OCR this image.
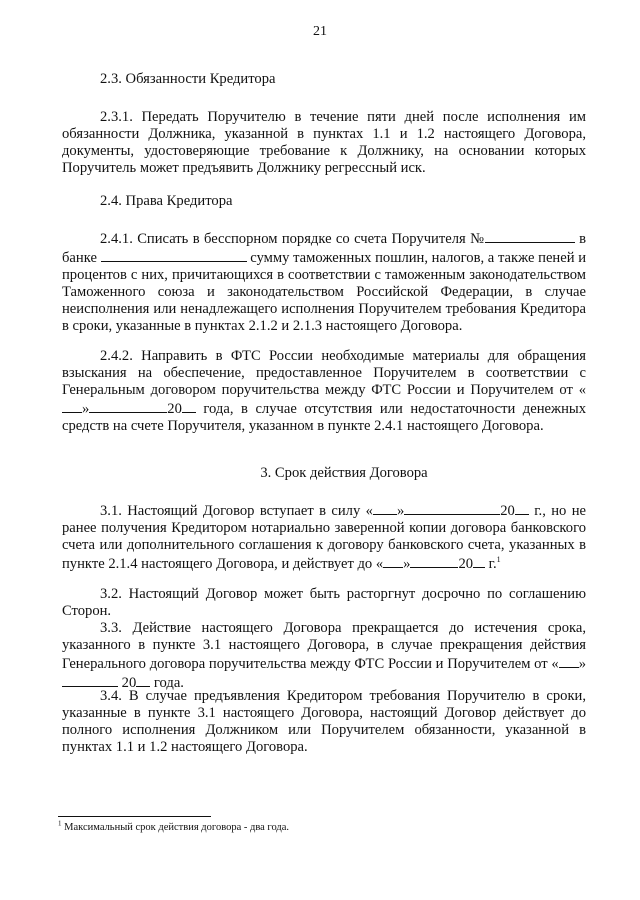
21

2.3. Обязанности Кредитора

2.3.1. Передать Поручителю в течение пяти дней после исполнения им обязанности Должника, указанной в пунктах 1.1 и 1.2 настоящего Договора, документы, удостоверяющие требование к Должнику, на основании которых Поручитель может предъявить Должнику регрессный иск.

2.4. Права Кредитора

2.4.1. Списать в бесспорном порядке со счета Поручителя №	в банке	сумму таможенных пошлин, налогов, а также пеней и процентов с них, причитающихся в соответствии с таможенным законодательством Таможенного союза и законодательством Российской Федерации, в случае неисполнения или ненадлежащего исполнения Поручителем требования Кредитора в сроки, указанные в пунктах 2.1.2 и 2.1.3 настоящего Договора.

2.4.2. Направить в ФТС России необходимые материалы для обращения взыскания на обеспечение, предоставленное Поручителем в соответствии с Генеральным договором поручительства между ФТС России и Поручителем от «»	20 года, в случае отсутствия или недостаточности денежных средств на счете Поручителя, указанном в пункте 2.4.1 настоящего Договора.

3. Срок действия Договора

3.1. Настоящий Договор вступает в силу « »	20 г., но не ранее получения Кредитором нотариально заверенной копии договора банковского счета или дополнительного соглашения к договору банковского счета, указанных в пункте 2.1.4 настоящего Договора, и действует до « »	20 г.$^1$

3.2. Настоящий Договор может быть расторгнут досрочно по соглашению Сторон.

3.3. Действие настоящего Договора прекращается до истечения срока, указанного в пункте 3.1 настоящего Договора, в случае прекращения действия Генерального договора поручительства между ФТС России и Поручителем от « »  20 года.

3.4. В случае предъявления Кредитором требования Поручителю в сроки, указанные в пункте 3.1 настоящего Договора, настоящий Договор действует до полного исполнения Должником или Поручителем обязанности, указанной в пунктах 1.1 и 1.2 настоящего Договора.

$^1$ Максимальный срок действия договора - два года.
